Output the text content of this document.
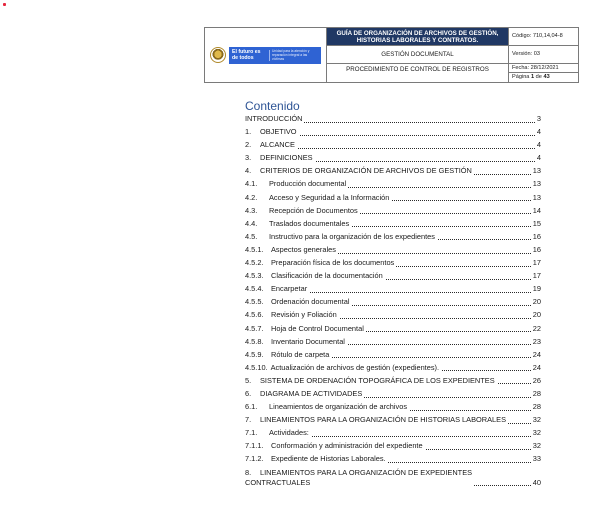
El futuro es de todos
Unidad para la atención y reparación integral a las víctimas
GUÍA DE ORGANIZACIÓN DE ARCHIVOS DE GESTIÓN, HISTORIAS LABORALES Y CONTRATOS.
GESTIÓN DOCUMENTAL
PROCEDIMIENTO DE CONTROL DE REGISTROS
Código: 710,14,04-8
Versión: 03
Fecha: 28/12/2021
Página 1 de 43
Contenido
INTRODUCCIÓN	3
1. OBJETIVO	4
2. ALCANCE	4
3. DEFINICIONES	4
4. CRITERIOS DE ORGANIZACIÓN DE ARCHIVOS DE GESTIÓN	13
4.1. Producción documental	13
4.2. Acceso y Seguridad a la Información	13
4.3. Recepción de Documentos	14
4.4. Traslados documentales	15
4.5. Instructivo para la organización de los expedientes	16
4.5.1. Aspectos generales	16
4.5.2. Preparación física de los documentos	17
4.5.3. Clasificación de la documentación	17
4.5.4. Encarpetar	19
4.5.5. Ordenación documental	20
4.5.6. Revisión y Foliación	20
4.5.7. Hoja de Control Documental	22
4.5.8. Inventario Documental	23
4.5.9. Rótulo de carpeta	24
4.5.10. Actualización de archivos de gestión (expedientes).	24
5. SISTEMA DE ORDENACIÓN TOPOGRÁFICA DE LOS EXPEDIENTES	26
6. DIAGRAMA DE ACTIVIDADES	28
6.1. Lineamientos de organización de archivos	28
7. LINEAMIENTOS PARA LA ORGANIZACIÓN DE HISTORIAS LABORALES	32
7.1. Actividades:	32
7.1.1. Conformación y administración del expediente	32
7.1.2. Expediente de Historias Laborales.	33
8. LINEAMIENTOS PARA LA ORGANIZACIÓN DE EXPEDIENTES
CONTRACTUALES	40
